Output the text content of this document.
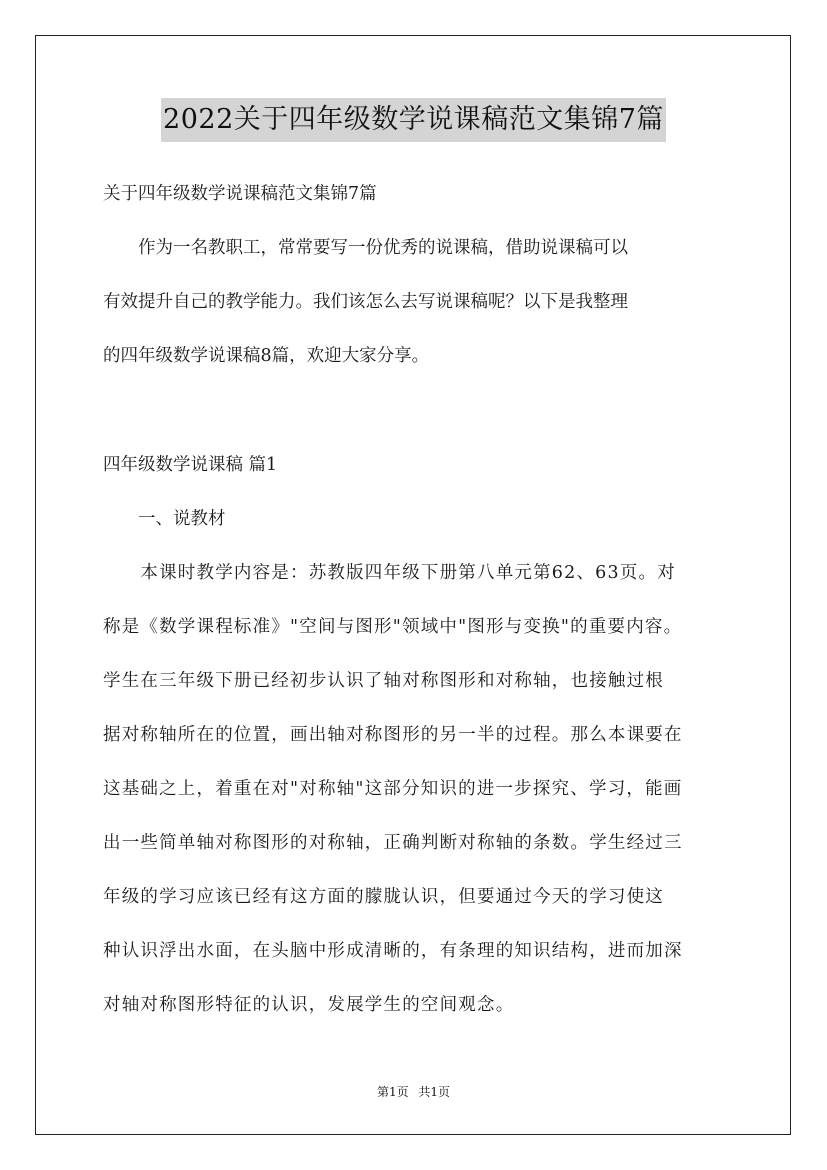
2022关于四年级数学说课稿范文集锦7篇
关于四年级数学说课稿范文集锦7篇
　　作为一名教职工，常常要写一份优秀的说课稿，借助说课稿可以
有效提升自己的教学能力。我们该怎么去写说课稿呢？以下是我整理
的四年级数学说课稿8篇，欢迎大家分享。
四年级数学说课稿 篇1
　　一、说教材
　　本课时教学内容是：苏教版四年级下册第八单元第62、63页。对
称是《数学课程标准》"空间与图形"领域中"图形与变换"的重要内容。
学生在三年级下册已经初步认识了轴对称图形和对称轴，也接触过根
据对称轴所在的位置，画出轴对称图形的另一半的过程。那么本课要在
这基础之上，着重在对"对称轴"这部分知识的进一步探究、学习，能画
出一些简单轴对称图形的对称轴，正确判断对称轴的条数。学生经过三
年级的学习应该已经有这方面的朦胧认识，但要通过今天的学习使这
种认识浮出水面，在头脑中形成清晰的，有条理的知识结构，进而加深
对轴对称图形特征的认识，发展学生的空间观念。
第1页 共1页
